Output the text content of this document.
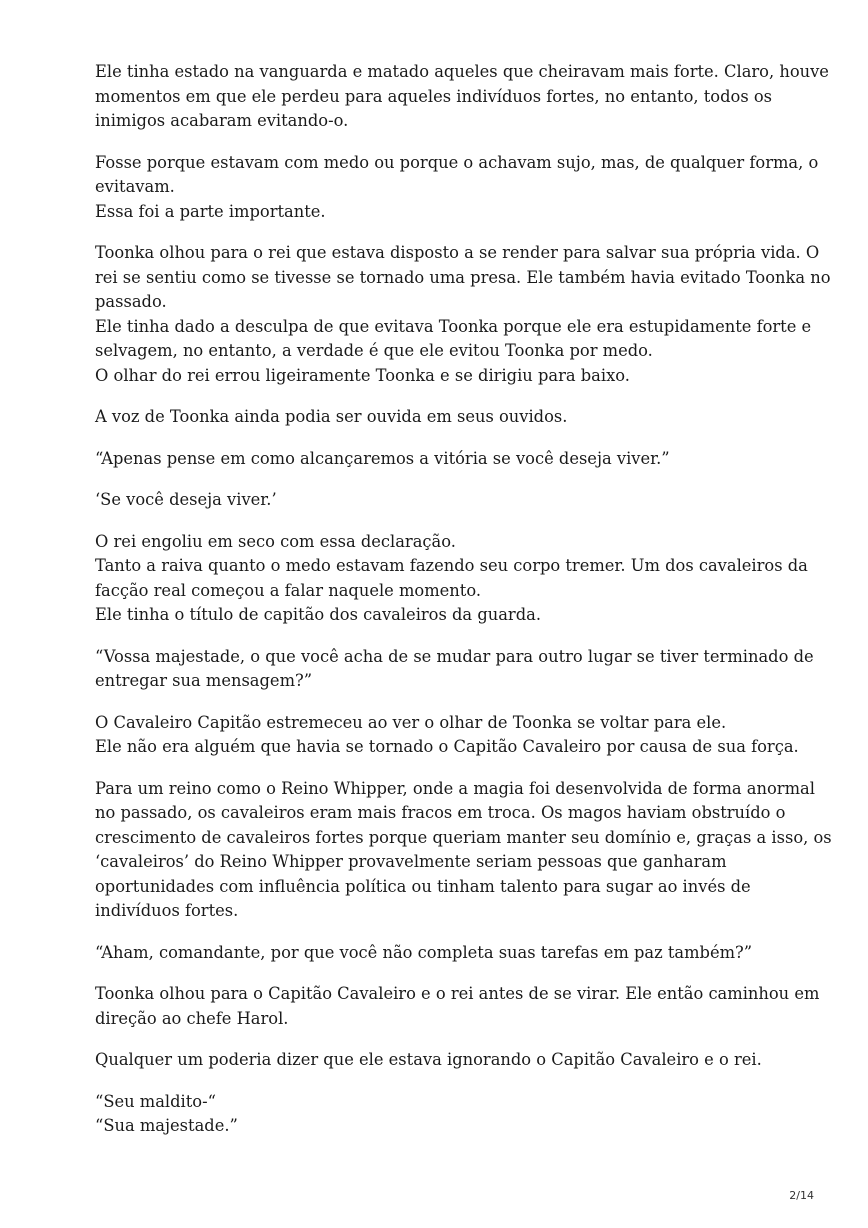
Ele tinha estado na vanguarda e matado aqueles que cheiravam mais forte. Claro, houve
momentos em que ele perdeu para aqueles indivíduos fortes, no entanto, todos os
inimigos acabaram evitando-o.

Fosse porque estavam com medo ou porque o achavam sujo, mas, de qualquer forma, o
evitavam.
Essa foi a parte importante.

Toonka olhou para o rei que estava disposto a se render para salvar sua própria vida. O
rei se sentiu como se tivesse se tornado uma presa. Ele também havia evitado Toonka no
passado.
Ele tinha dado a desculpa de que evitava Toonka porque ele era estupidamente forte e
selvagem, no entanto, a verdade é que ele evitou Toonka por medo.
O olhar do rei errou ligeiramente Toonka e se dirigiu para baixo.

A voz de Toonka ainda podia ser ouvida em seus ouvidos.

“Apenas pense em como alcançaremos a vitória se você deseja viver.”

‘Se você deseja viver.’

O rei engoliu em seco com essa declaração.
Tanto a raiva quanto o medo estavam fazendo seu corpo tremer. Um dos cavaleiros da
facção real começou a falar naquele momento.
Ele tinha o título de capitão dos cavaleiros da guarda.

“Vossa majestade, o que você acha de se mudar para outro lugar se tiver terminado de
entregar sua mensagem?”

O Cavaleiro Capitão estremeceu ao ver o olhar de Toonka se voltar para ele.
Ele não era alguém que havia se tornado o Capitão Cavaleiro por causa de sua força.

Para um reino como o Reino Whipper, onde a magia foi desenvolvida de forma anormal
no passado, os cavaleiros eram mais fracos em troca. Os magos haviam obstruído o
crescimento de cavaleiros fortes porque queriam manter seu domínio e, graças a isso, os
‘cavaleiros’ do Reino Whipper provavelmente seriam pessoas que ganharam
oportunidades com influência política ou tinham talento para sugar ao invés de
indivíduos fortes.

“Aham, comandante, por que você não completa suas tarefas em paz também?”

Toonka olhou para o Capitão Cavaleiro e o rei antes de se virar. Ele então caminhou em
direção ao chefe Harol.

Qualquer um poderia dizer que ele estava ignorando o Capitão Cavaleiro e o rei.

“Seu maldito-“
“Sua majestade.”

2/14
